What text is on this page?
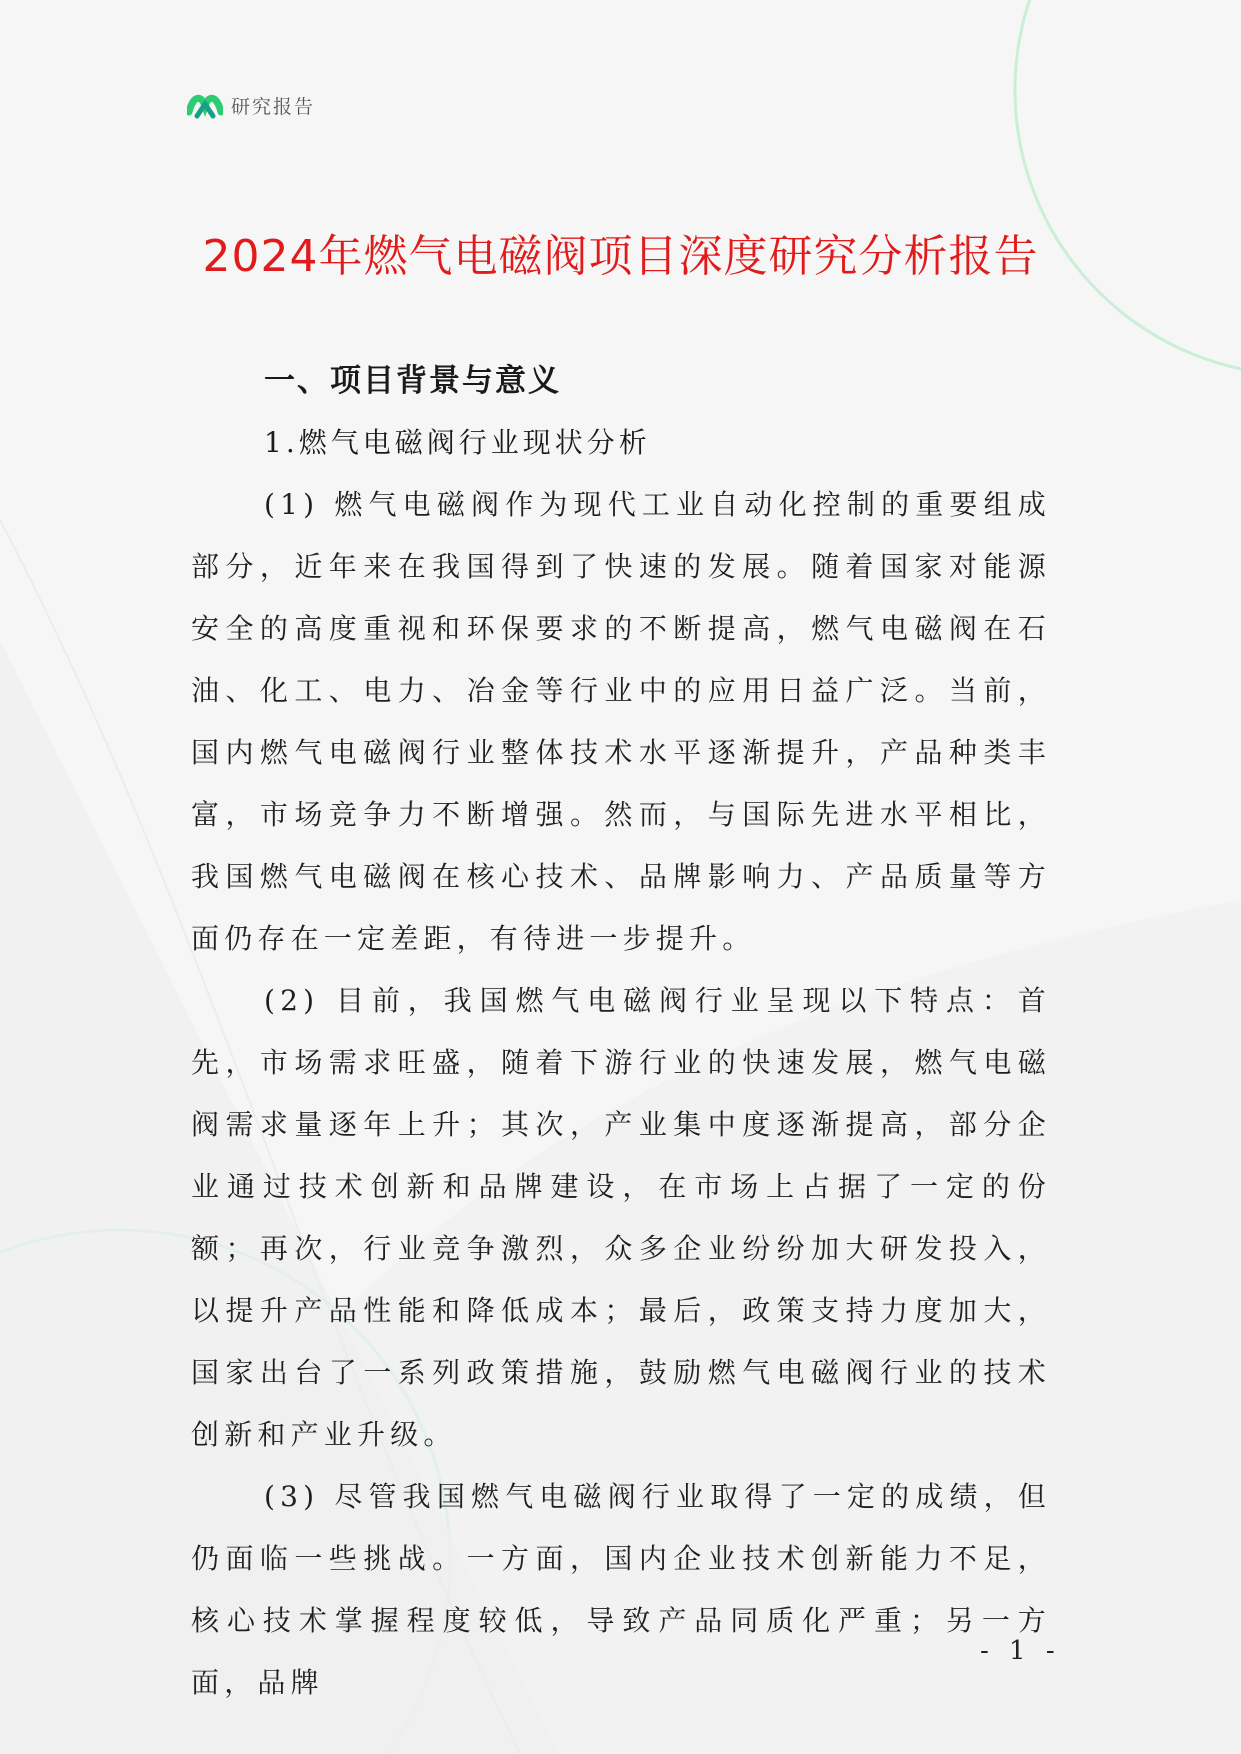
研究报告
2024年燃气电磁阀项目深度研究分析报告
一、项目背景与意义
1.燃气电磁阀行业现状分析

(1) 燃气电磁阀作为现代工业自动化控制的重要组成部分，近年来在我国得到了快速的发展。随着国家对能源安全的高度重视和环保要求的不断提高，燃气电磁阀在石油、化工、电力、冶金等行业中的应用日益广泛。当前，国内燃气电磁阀行业整体技术水平逐渐提升，产品种类丰富，市场竞争力不断增强。然而，与国际先进水平相比，我国燃气电磁阀在核心技术、品牌影响力、产品质量等方面仍存在一定差距，有待进一步提升。

(2) 目前，我国燃气电磁阀行业呈现以下特点：首先，市场需求旺盛，随着下游行业的快速发展，燃气电磁阀需求量逐年上升；其次，产业集中度逐渐提高，部分企业通过技术创新和品牌建设，在市场上占据了一定的份额；再次，行业竞争激烈，众多企业纷纷加大研发投入，以提升产品性能和降低成本；最后，政策支持力度加大，国家出台了一系列政策措施，鼓励燃气电磁阀行业的技术创新和产业升级。

(3) 尽管我国燃气电磁阀行业取得了一定的成绩，但仍面临一些挑战。一方面，国内企业技术创新能力不足，核心技术掌握程度较低，导致产品同质化严重；另一方面，品牌

- 1 -
